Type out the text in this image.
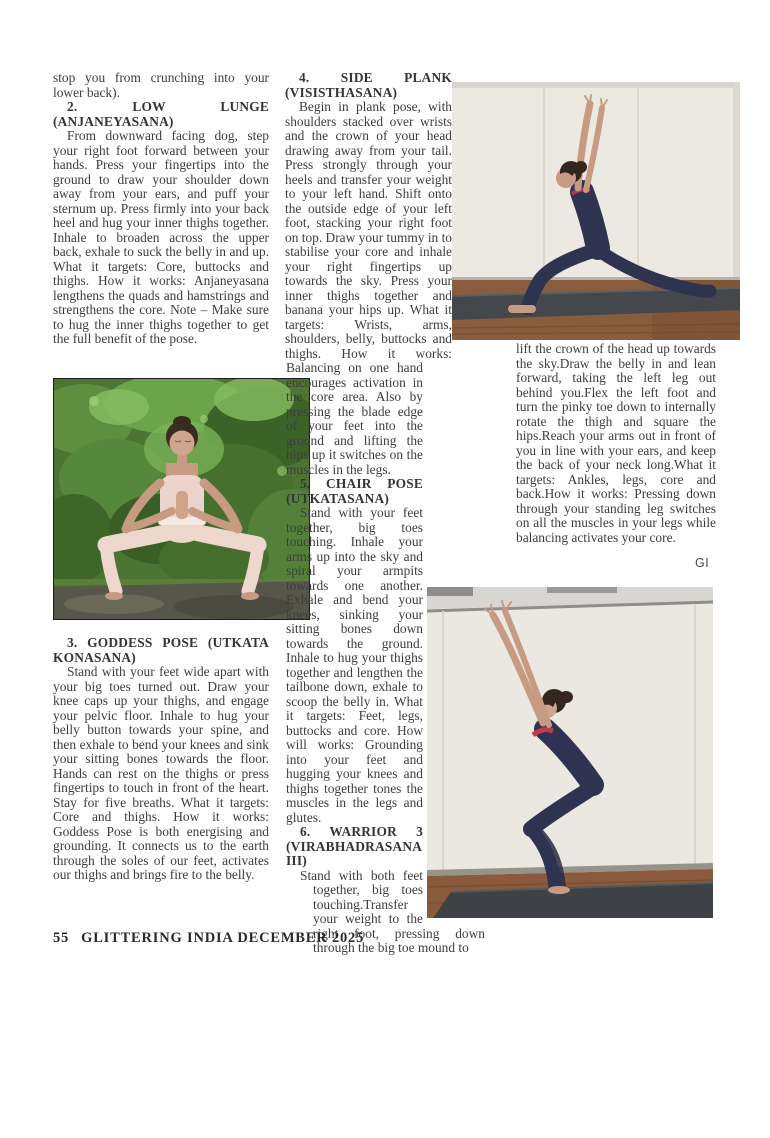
stop you from crunching into your lower back).

2. LOW LUNGE (ANJANEYASANA)

From downward facing dog, step your right foot forward between your hands. Press your fingertips into the ground to draw your shoulder down away from your ears, and puff your sternum up. Press firmly into your back heel and hug your inner thighs together. Inhale to broaden across the upper back, exhale to suck the belly in and up. What it targets: Core, buttocks and thighs. How it works: Anjaneyasana lengthens the quads and hamstrings and strengthens the core. Note – Make sure to hug the inner thighs together to get the full benefit of the pose.

3. GODDESS POSE (UTKATA KONASANA)

Stand with your feet wide apart with your big toes turned out. Draw your knee caps up your thighs, and engage your pelvic floor. Inhale to hug your belly button towards your spine, and then exhale to bend your knees and sink your sitting bones towards the floor. Hands can rest on the thighs or press fingertips to touch in front of the heart. Stay for five breaths. What it targets: Core and thighs. How it works: Goddess Pose is both energising and grounding. It connects us to the earth through the soles of our feet, activates our thighs and brings fire to the belly.

4. SIDE PLANK (VISISTHASANA)

Begin in plank pose, with shoulders stacked over wrists and the crown of your head drawing away from your tail. Press strongly through your heels and transfer your weight to your left hand. Shift onto the outside edge of your left foot, stacking your right foot on top. Draw your tummy in to stabilise your core and inhale your right fingertips up towards the sky. Press your inner thighs together and banana your hips up. What it targets: Wrists, arms, shoulders, belly, buttocks and thighs. How it works: Balancing on one hand encourages activation in the core area. Also by pressing the blade edge of your feet into the ground and lifting the hips up it switches on the muscles in the legs.

5. CHAIR POSE (UTKATASANA)

Stand with your feet together, big toes touching. Inhale your arms up into the sky and spiral your armpits towards one another. Exhale and bend your knees, sinking your sitting bones down towards the ground. Inhale to hug your thighs together and lengthen the tailbone down, exhale to scoop the belly in. What it targets: Feet, legs, buttocks and core. How will works: Grounding into your feet and hugging your knees and thighs together tones the muscles in the legs and glutes.

6. WARRIOR 3 (VIRABHADRASANA III)

Stand with both feet together, big toes touching.Transfer your weight to the right foot, pressing down through the big toe mound to

lift the crown of the head up towards the sky.Draw the belly in and lean forward, taking the left leg out behind you.Flex the left foot and turn the pinky toe down to internally rotate the thigh and square the hips.Reach your arms out in front of you in line with your ears, and keep the back of your neck long.What it targets: Ankles, legs, core and back.How it works: Pressing down through your standing leg switches on all the muscles in your legs while balancing activates your core.

GI
55 GLITTERING INDIA DECEMBER 2025
